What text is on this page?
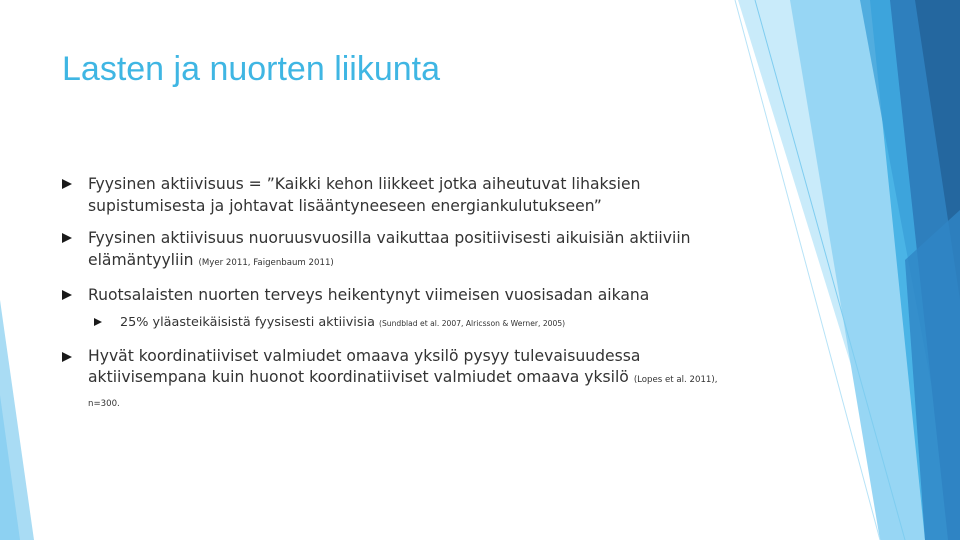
Lasten ja nuorten liikunta
Fyysinen aktiivisuus = ”Kaikki kehon liikkeet jotka aiheutuvat lihaksien supistumisesta ja johtavat lisääntyneeseen energiankulutukseen”
Fyysinen aktiivisuus nuoruusvuosilla vaikuttaa positiivisesti aikuisiän aktiiviin elämäntyyliin (Myer 2011, Faigenbaum 2011)
Ruotsalaisten nuorten terveys heikentynyt viimeisen vuosisadan aikana
25% yläasteikäisistä fyysisesti aktiivisia (Sundblad et al. 2007, Alricsson & Werner, 2005)
Hyvät koordinatiiviset valmiudet omaava yksilö pysyy tulevaisuudessa aktiivisempana kuin huonot koordinatiiviset valmiudet omaava yksilö (Lopes et al. 2011), n=300.
